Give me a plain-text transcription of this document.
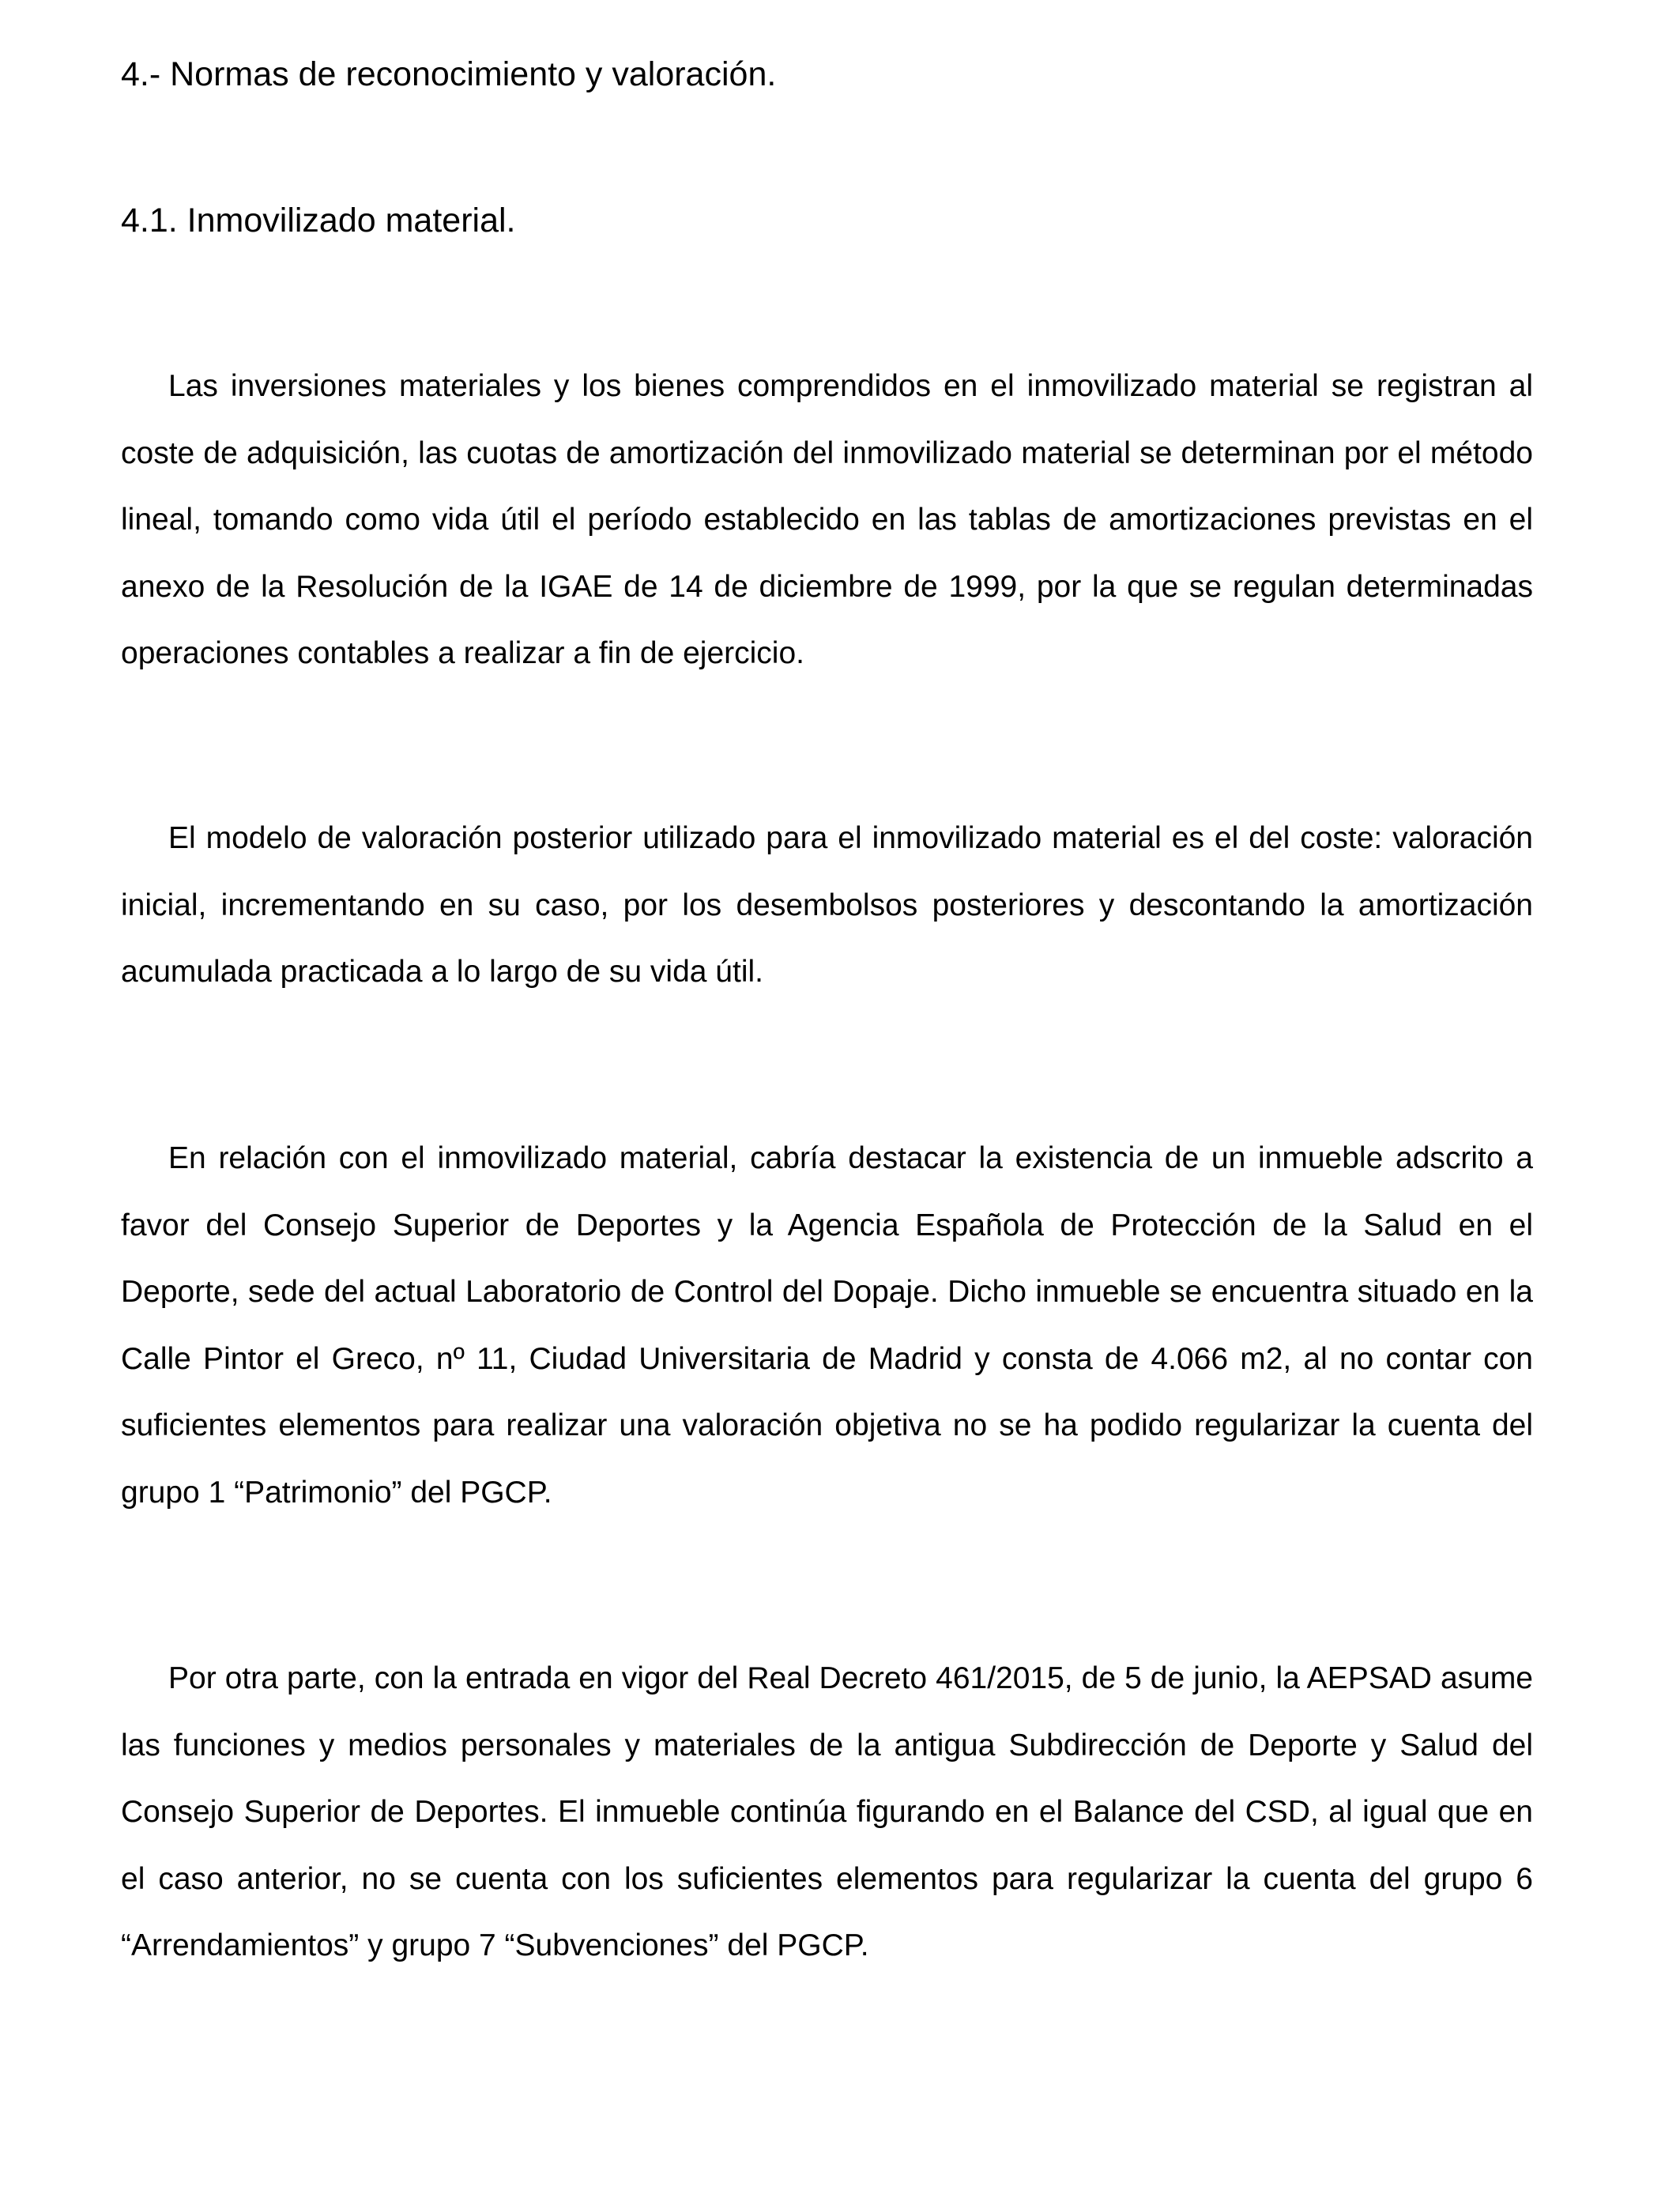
4.- Normas de reconocimiento y valoración.
4.1. Inmovilizado material.

Las inversiones materiales y los bienes comprendidos en el inmovilizado material se registran al coste de adquisición, las cuotas de amortización del inmovilizado material se determinan por el método lineal, tomando como vida útil el período establecido en las tablas de amortizaciones previstas en el anexo de la Resolución de la IGAE de 14 de diciembre de 1999, por la que se regulan determinadas operaciones contables a realizar a fin de ejercicio.

El modelo de valoración posterior utilizado para el inmovilizado material es el del coste: valoración inicial, incrementando en su caso, por los desembolsos posteriores y descontando la amortización acumulada practicada a lo largo de su vida útil.

En relación con el inmovilizado material, cabría destacar la existencia de un inmueble adscrito a favor del Consejo Superior de Deportes y la Agencia Española de Protección de la Salud en el Deporte, sede del actual Laboratorio de Control del Dopaje. Dicho inmueble se encuentra situado en la Calle Pintor el Greco, nº 11, Ciudad Universitaria de Madrid y consta de 4.066 m2, al no contar con suficientes elementos para realizar una valoración objetiva no se ha podido regularizar la cuenta del grupo 1 “Patrimonio” del PGCP.

Por otra parte, con la entrada en vigor del Real Decreto 461/2015, de 5 de junio, la AEPSAD asume las funciones y medios personales y materiales de la antigua Subdirección de Deporte y Salud del Consejo Superior de Deportes. El inmueble continúa figurando en el Balance del CSD, al igual que en el caso anterior, no se cuenta con los suficientes elementos para regularizar la cuenta del grupo 6 “Arrendamientos” y grupo 7 “Subvenciones” del PGCP.
